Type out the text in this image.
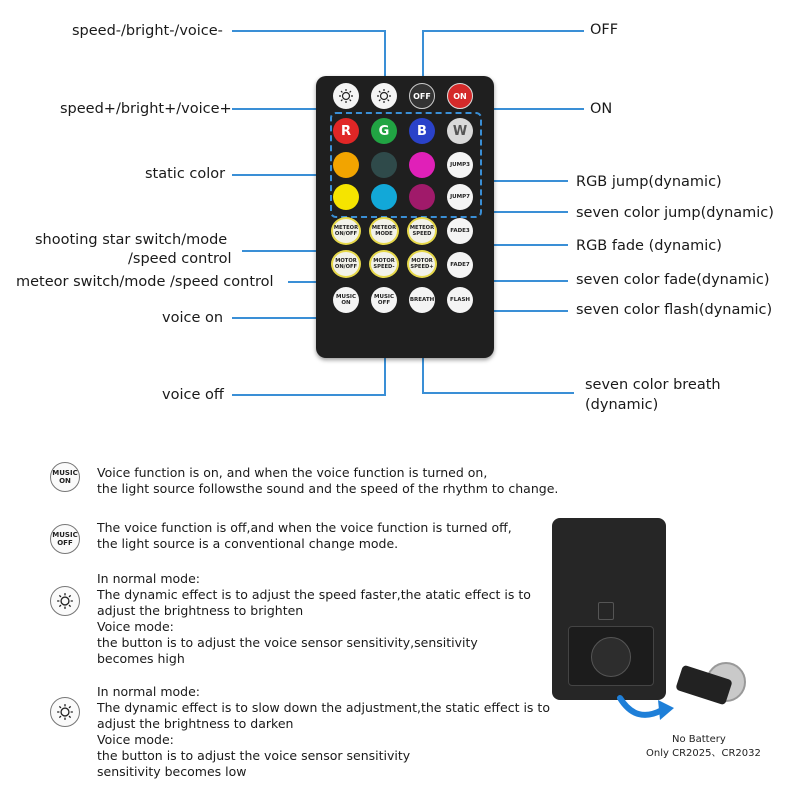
speed-/bright-/voice-
speed+/bright+/voice+
static color
shooting star switch/mode
/speed control
meteor switch/mode /speed control
voice on
voice off
OFF
ON
RGB jump(dynamic)
seven color jump(dynamic)
RGB fade (dynamic)
seven color fade(dynamic)
seven color flash(dynamic)
seven color breath
(dynamic)
OFF	ON
R	G	B	W
JUMP3
JUMP7
METEOR ON/OFF
METEOR MODE
METEOR SPEED	FADE3
MOTOR ON/OFF
MOTOR SPEED-
MOTOR SPEED+	FADE7
MUSIC ON
MUSIC OFF	BREATH	FLASH
MUSIC ON
Voice function is on, and when the voice function is turned on,
the light source followsthe sound and the speed of the rhythm to change.
MUSIC OFF
The voice function is off,and when the voice function is turned off,
the light source is a conventional change mode.
In normal mode:
The dynamic effect is to adjust the speed faster,the atatic effect is to
adjust the brightness to brighten
Voice mode:
the button is to adjust the voice sensor sensitivity,sensitivity
becomes high
In normal mode:
The dynamic effect is to slow down the adjustment,the static effect is to
adjust the brightness to darken
Voice mode:
the button is to adjust the voice sensor sensitivity
sensitivity becomes low
No Battery
Only CR2025、CR2032
